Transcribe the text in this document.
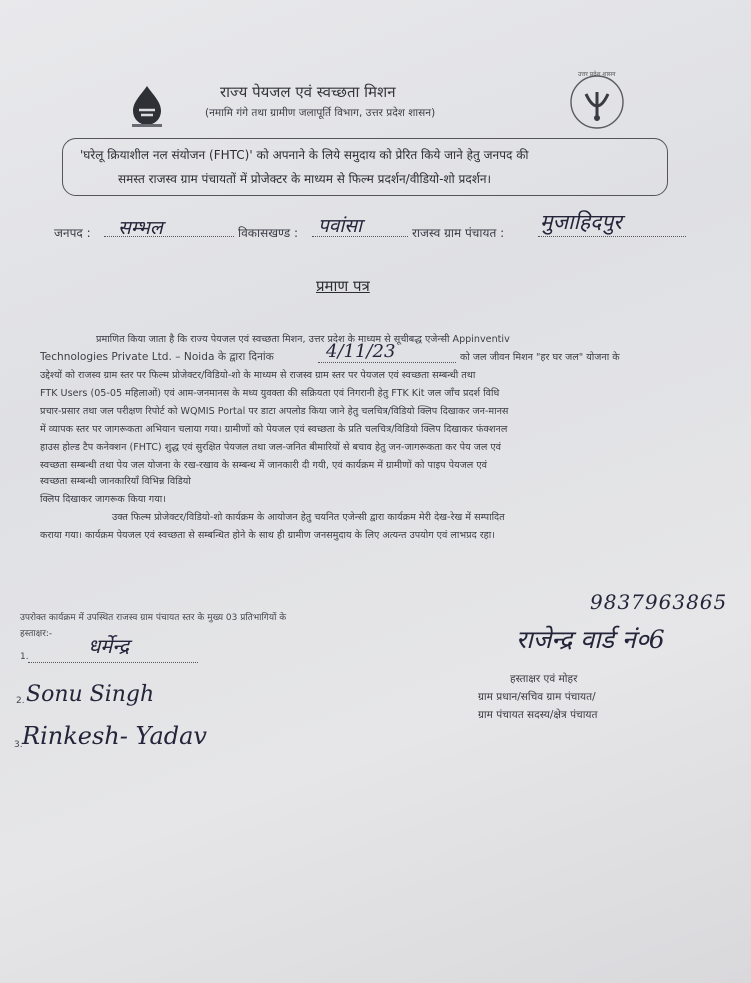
उत्तर प्रदेश शासन
राज्य पेयजल एवं स्वच्छता मिशन
(नमामि गंगे तथा ग्रामीण जलापूर्ति विभाग, उत्तर प्रदेश शासन)
'घरेलू क्रियाशील नल संयोजन (FHTC)' को अपनाने के लिये समुदाय को प्रेरित किये जाने हेतु जनपद की
समस्त राजस्व ग्राम पंचायतों में प्रोजेक्टर के माध्यम से फिल्म प्रदर्शन/वीडियो-शो प्रदर्शन।
जनपद : सम्भल	विकासखण्ड : पवांसा	राजस्व ग्राम पंचायत : मुजाहिदपुर
प्रमाण पत्र
प्रमाणित किया जाता है कि राज्य पेयजल एवं स्वच्छता मिशन, उत्तर प्रदेश के माध्यम से सूचीबद्ध एजेन्सी Appinventiv
Technologies Private Ltd. – Noida के द्वारा दिनांक	4/11/23	को जल जीवन मिशन "हर घर जल" योजना के
उद्देश्यों को राजस्व ग्राम स्तर पर फिल्म प्रोजेक्टर/विडियो-शो के माध्यम से राजस्व ग्राम स्तर पर पेयजल एवं स्वच्छता सम्बन्धी तथा
FTK Users (05-05 महिलाओं) एवं आम-जनमानस के मध्य युवक्ता की सक्रियता एवं निगरानी हेतु FTK Kit जल जाँच प्रदर्श विधि
प्रचार-प्रसार तथा जल परीक्षण रिपोर्ट को WQMIS Portal पर डाटा अपलोड किया जाने हेतु चलचित्र/विडियो क्लिप दिखाकर जन-मानस
में व्यापक स्तर पर जागरूकता अभियान चलाया गया। ग्रामीणों को पेयजल एवं स्वच्छता के प्रति चलचित्र/विडियो क्लिप दिखाकर फंक्शनल
हाउस होल्ड टैप कनेक्शन (FHTC) शुद्ध एवं सुरक्षित पेयजल तथा जल-जनित बीमारियों से बचाव हेतु जन-जागरूकता कर पेय जल एवं
स्वच्छता सम्बन्धी तथा पेय जल योजना के रख-रखाव के सम्बन्ध में जानकारी दी गयी, एवं कार्यक्रम में ग्रामीणों को पाइप पेयजल एवं
स्वच्छता सम्बन्धी जानकारियाँ विभिन्न विडियो
क्लिप दिखाकर जागरूक किया गया।
उक्त फिल्म प्रोजेक्टर/विडियो-शो कार्यक्रम के आयोजन हेतु चयनित एजेन्सी द्वारा कार्यक्रम मेरी देख-रेख में सम्पादित
कराया गया। कार्यक्रम पेयजल एवं स्वच्छता से सम्बन्धित होने के साथ ही ग्रामीण जनसमुदाय के लिए अत्यन्त उपयोग एवं लाभप्रद रहा।
उपरोक्त कार्यक्रम में उपस्थित राजस्व ग्राम पंचायत स्तर के मुख्य 03 प्रतिभागियों के
हस्ताक्षर:-
1.	धर्मेन्द्र
2. Sonu Singh
3. Rinkesh- Yadav
9837963865
राजेन्द्र वार्ड नं०6
हस्ताक्षर एवं मोहर
ग्राम प्रधान/सचिव ग्राम पंचायत/
ग्राम पंचायत सदस्य/क्षेत्र पंचायत
